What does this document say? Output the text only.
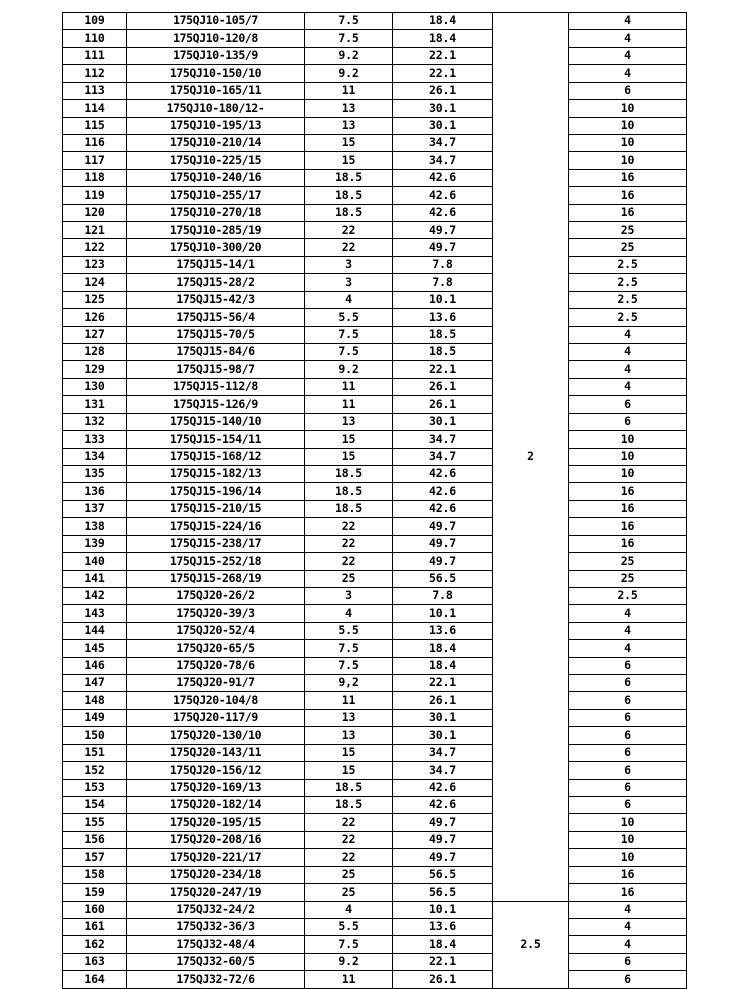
109	175QJ10-105/7	7.5	18.4	2	4
110	175QJ10-120/8	7.5	18.4		4
111	175QJ10-135/9	9.2	22.1		4
112	175QJ10-150/10	9.2	22.1		4
113	175QJ10-165/11	11	26.1		6
114	175QJ10-180/12-	13	30.1		10
115	175QJ10-195/13	13	30.1		10
116	175QJ10-210/14	15	34.7		10
117	175QJ10-225/15	15	34.7		10
118	175QJ10-240/16	18.5	42.6		16
119	175QJ10-255/17	18.5	42.6		16
120	175QJ10-270/18	18.5	42.6		16
121	175QJ10-285/19	22	49.7		25
122	175QJ10-300/20	22	49.7		25
123	175QJ15-14/1	3	7.8		2.5
124	175QJ15-28/2	3	7.8		2.5
125	175QJ15-42/3	4	10.1		2.5
126	175QJ15-56/4	5.5	13.6		2.5
127	175QJ15-70/5	7.5	18.5		4
128	175QJ15-84/6	7.5	18.5		4
129	175QJ15-98/7	9.2	22.1		4
130	175QJ15-112/8	11	26.1		4
131	175QJ15-126/9	11	26.1		6
132	175QJ15-140/10	13	30.1		6
133	175QJ15-154/11	15	34.7		10
134	175QJ15-168/12	15	34.7		10
135	175QJ15-182/13	18.5	42.6		10
136	175QJ15-196/14	18.5	42.6		16
137	175QJ15-210/15	18.5	42.6		16
138	175QJ15-224/16	22	49.7		16
139	175QJ15-238/17	22	49.7		16
140	175QJ15-252/18	22	49.7		25
141	175QJ15-268/19	25	56.5		25
142	175QJ20-26/2	3	7.8		2.5
143	175QJ20-39/3	4	10.1		4
144	175QJ20-52/4	5.5	13.6		4
145	175QJ20-65/5	7.5	18.4		4
146	175QJ20-78/6	7.5	18.4		6
147	175QJ20-91/7	9,2	22.1		6
148	175QJ20-104/8	11	26.1		6
149	175QJ20-117/9	13	30.1		6
150	175QJ20-130/10	13	30.1		6
151	175QJ20-143/11	15	34.7		6
152	175QJ20-156/12	15	34.7		6
153	175QJ20-169/13	18.5	42.6		6
154	175QJ20-182/14	18.5	42.6		6
155	175QJ20-195/15	22	49.7		10
156	175QJ20-208/16	22	49.7		10
157	175QJ20-221/17	22	49.7		10
158	175QJ20-234/18	25	56.5		16
159	175QJ20-247/19	25	56.5		16
160	175QJ32-24/2	4	10.1	2.5	4
161	175QJ32-36/3	5.5	13.6		4
162	175QJ32-48/4	7.5	18.4		4
163	175QJ32-60/5	9.2	22.1		6
164	175QJ32-72/6	11	26.1		6
